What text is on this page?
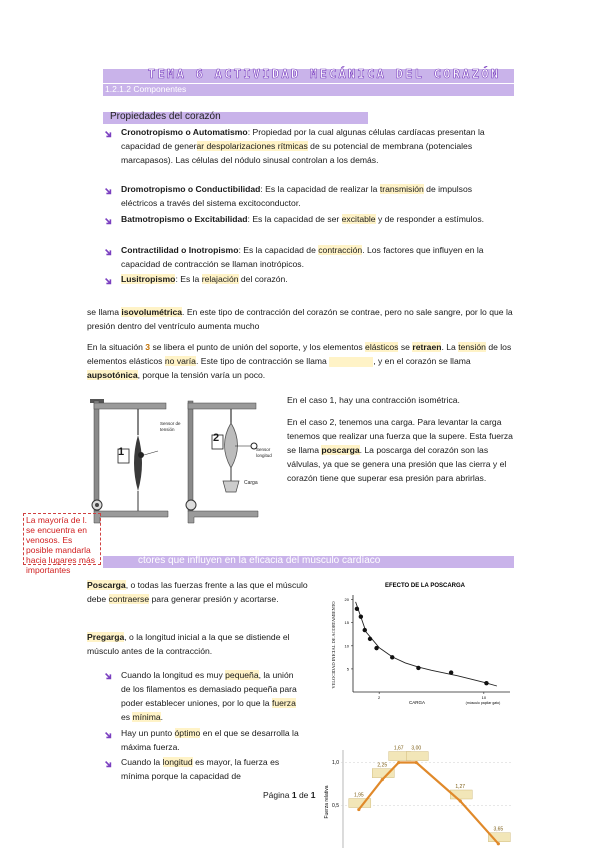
TEMA 6 ACTIVIDAD MECÁNICA DEL CORAZÓN
1.2.1.2 Componentes
Propiedades del corazón
Cronotropismo o Automatismo: Propiedad por la cual algunas células cardíacas presentan la capacidad de generar despolarizaciones rítmicas de su potencial de membrana (potenciales marcapasos). Las células del nódulo sinusal controlan a los demás.
Dromotropismo o Conductibilidad: Es la capacidad de realizar la transmisión de impulsos eléctricos a través del sistema excitoconductor.
Batmotropismo o Excitabilidad: Es la capacidad de ser excitable y de responder a estímulos.
Contractilidad o Inotropismo: Es la capacidad de contracción. Los factores que influyen en la capacidad de contracción se llaman inotrópicos.
Lusitropismo: Es la relajación del corazón.

se llama isovolumétrica. En este tipo de contracción del corazón se contrae, pero no sale sangre, por lo que la presión dentro del ventrículo aumenta mucho

En la situación 3 se libera el punto de unión del soporte, y los elementos elásticos se retraen. La tensión de los elementos elásticos no varía. Este tipo de contracción se llama	, y en el corazón se llama aupsotónica, porque la tensión varía un poco.

1
2
Sensor de tensión
Sensor longitud
Carga

En el caso 1, hay una contracción isométrica.

En el caso 2, tenemos una carga. Para levantar la carga tenemos que realizar una fuerza que la supere. Esta fuerza se llama poscarga. La poscarga del corazón son las válvulas, ya que se genera una presión que las cierra y el corazón tiene que superar esa presión para abrirlas.

La mayoría de l. se encuentra en venosos. Es posible mandarla hacia lugares más importantes
ctores que influyen en la eficacia del músculo cardíaco

Poscarga, o todas las fuerzas frente a las que el músculo debe contraerse para generar presión y acortarse.

Pregarga, o la longitud inicial a la que se distiende el músculo antes de la contracción.

Cuando la longitud es muy pequeña, la unión de los filamentos es demasiado pequeña para poder establecer uniones, por lo que la fuerza es mínima.

Hay un punto óptimo en el que se desarrolla la máxima fuerza.

Cuando la longitud es mayor, la fuerza es mínima porque la capacidad de

Página 1 de 1
EFECTO DE LA POSCARGA
VELOCIDAD INICIAL DE ACORTAMIENTO
20
15
10
5
2	10
CARGA	(músculo papilar gato)
Fuerza relativa
1,0
0,5
1,95
2,25
1,67 3,00
1,27
3,65
